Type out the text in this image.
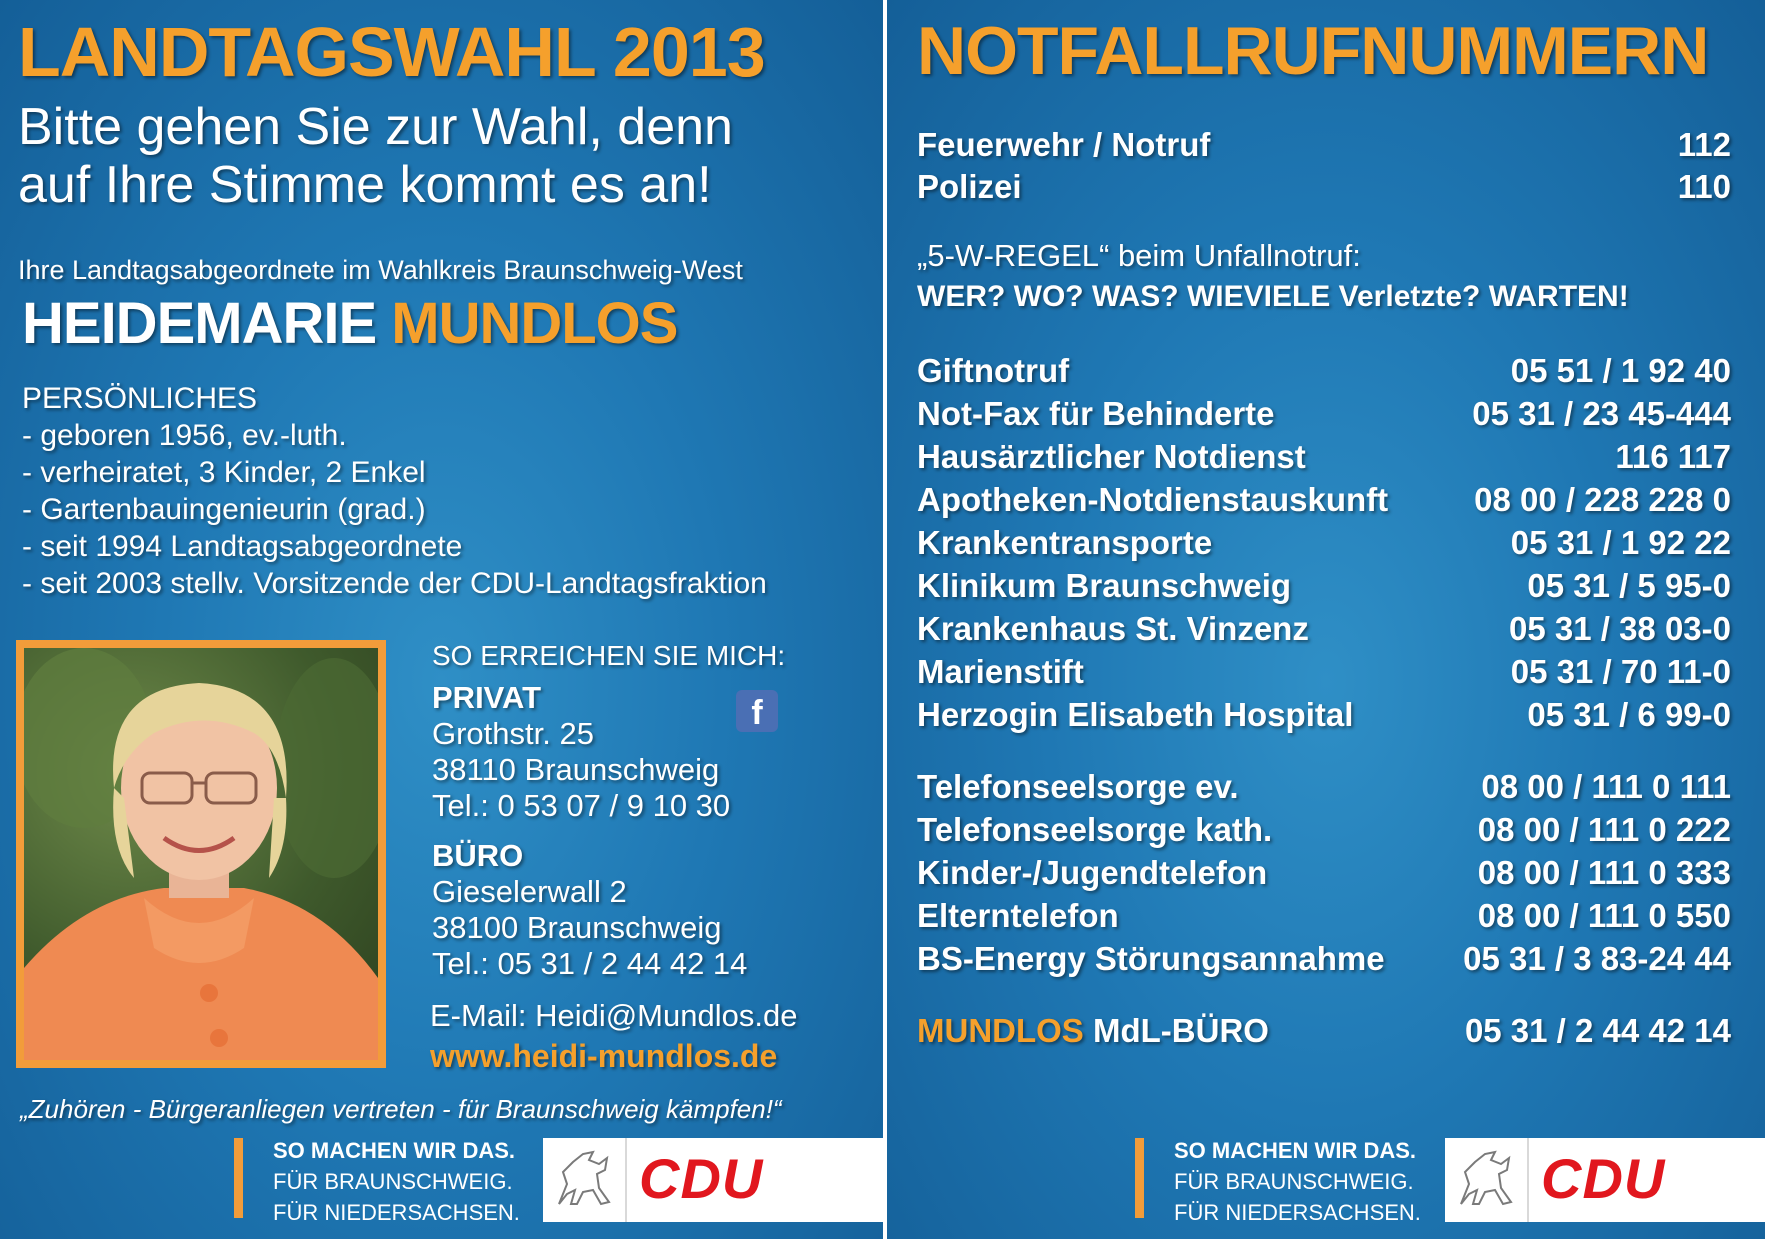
LANDTAGSWAHL 2013
Bitte gehen Sie zur Wahl, denn
auf Ihre Stimme kommt es an!
Ihre Landtagsabgeordnete im Wahlkreis Braunschweig-West
HEIDEMARIE MUNDLOS
PERSÖNLICHES
- geboren 1956, ev.-luth.
- verheiratet, 3 Kinder, 2 Enkel
- Gartenbauingenieurin (grad.)
- seit 1994 Landtagsabgeordnete
- seit 2003 stellv. Vorsitzende der CDU-Landtagsfraktion
SO ERREICHEN SIE MICH:
PRIVAT
Grothstr. 25
38110 Braunschweig
Tel.: 0 53 07 / 9 10 30
f
BÜRO
Gieselerwall 2
38100 Braunschweig
Tel.: 05 31 / 2 44 42 14
E-Mail: Heidi@Mundlos.de
www.heidi-mundlos.de
„Zuhören - Bürgeranliegen vertreten - für Braunschweig kämpfen!“
SO MACHEN WIR DAS.
FÜR BRAUNSCHWEIG.
FÜR NIEDERSACHSEN.
CDU
NOTFALLRUFNUMMERN
Feuerwehr / Notruf	112
Polizei	110
„5-W-REGEL“ beim Unfallnotruf:
WER? WO? WAS? WIEVIELE Verletzte? WARTEN!
Giftnotruf	05 51 / 1 92 40
Not-Fax für Behinderte	05 31 / 23 45-444
Hausärztlicher Notdienst	116 117
Apotheken-Notdienstauskunft	08 00 / 228 228 0
Krankentransporte	05 31 / 1 92 22
Klinikum Braunschweig	05 31 / 5 95-0
Krankenhaus St. Vinzenz	05 31 / 38 03-0
Marienstift	05 31 / 70 11-0
Herzogin Elisabeth Hospital	05 31 / 6 99-0
Telefonseelsorge ev.	08 00 / 111 0 111
Telefonseelsorge kath.	08 00 / 111 0 222
Kinder-/Jugendtelefon	08 00 / 111 0 333
Elterntelefon	08 00 / 111 0 550
BS-Energy Störungsannahme 05 31 / 3 83-24 44
MUNDLOS MdL-BÜRO	05 31 / 2 44 42 14
SO MACHEN WIR DAS.
FÜR BRAUNSCHWEIG.
FÜR NIEDERSACHSEN.
CDU
